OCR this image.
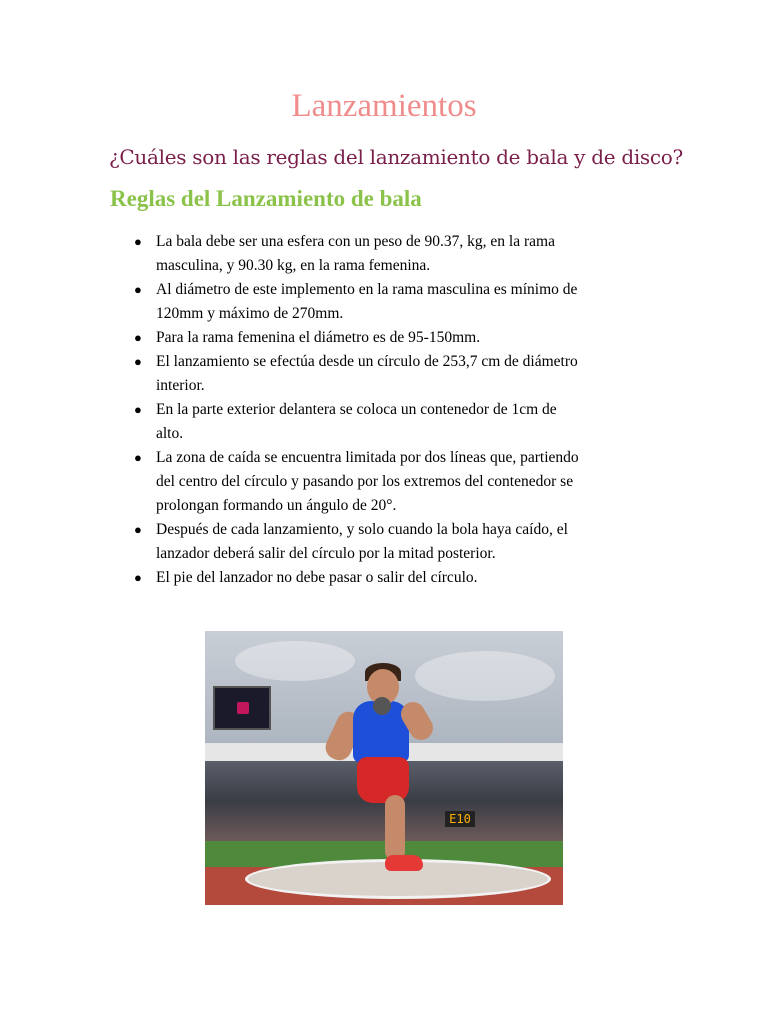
Lanzamientos

¿Cuáles son las reglas del lanzamiento de bala y de disco?

Reglas del Lanzamiento de bala
● La bala debe ser una esfera con un peso de 90.37, kg, en la rama
masculina, y 90.30 kg, en la rama femenina.
● Al diámetro de este implemento en la rama masculina es mínimo de
120mm y máximo de 270mm.
● Para la rama femenina el diámetro es de 95-150mm.
● El lanzamiento se efectúa desde un círculo de 253,7 cm de diámetro
interior.
● En la parte exterior delantera se coloca un contenedor de 1cm de
alto.
● La zona de caída se encuentra limitada por dos líneas que, partiendo
del centro del círculo y pasando por los extremos del contenedor se
prolongan formando un ángulo de 20°.
● Después de cada lanzamiento, y solo cuando la bola haya caído, el
lanzador deberá salir del círculo por la mitad posterior.
● El pie del lanzador no debe pasar o salir del círculo.
E10
